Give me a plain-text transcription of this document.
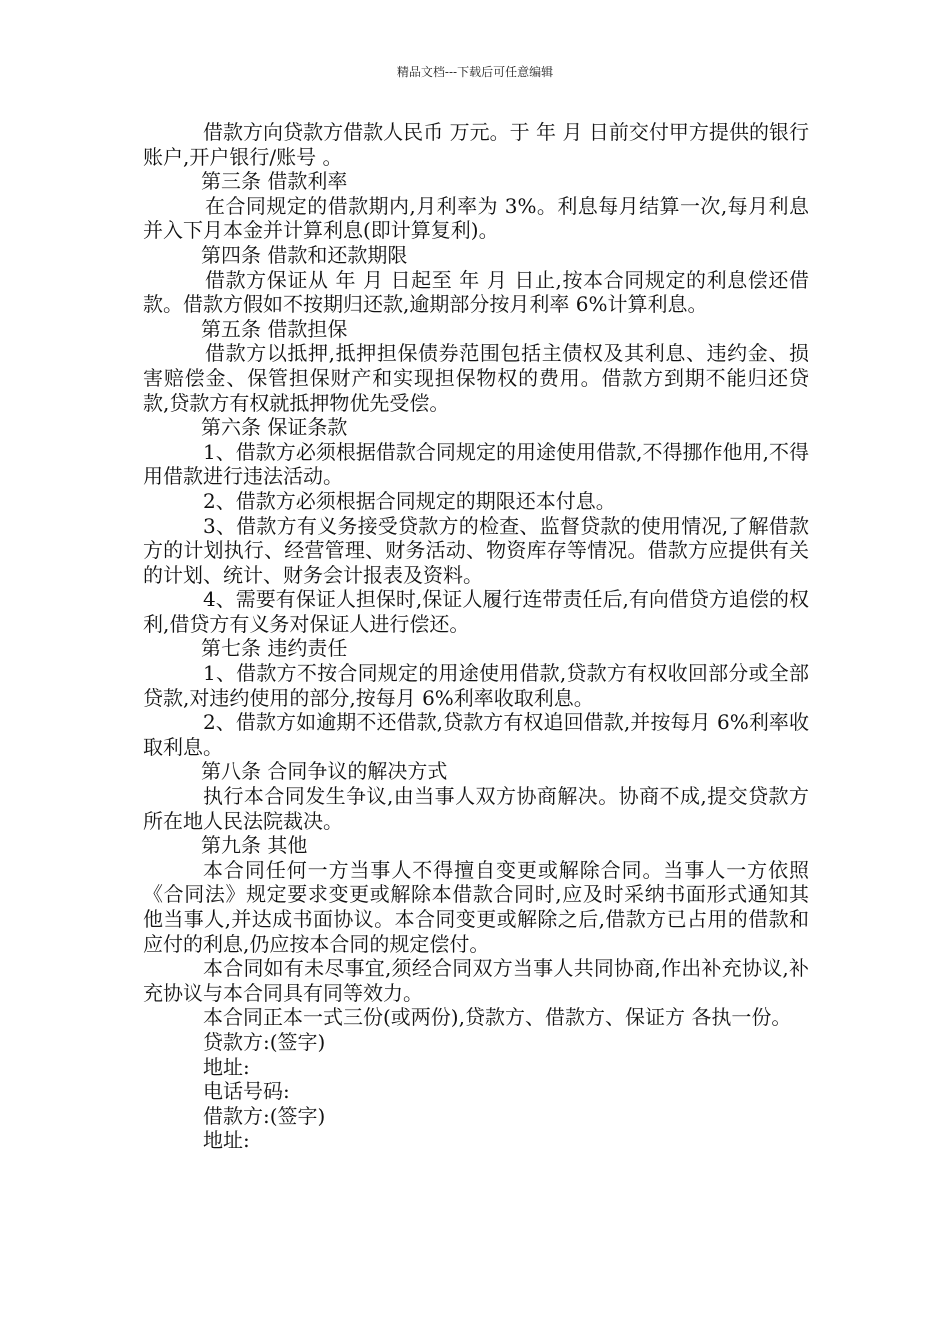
精品文档---下载后可任意编辑

借款方向贷款方借款人民币 万元。于 年 月 日前交付甲方提供的银行账户,开户银行/账号 。

第三条 借款利率

在合同规定的借款期内,月利率为 3%。利息每月结算一次,每月利息并入下月本金并计算利息(即计算复利)。

第四条 借款和还款期限

借款方保证从 年 月 日起至 年 月 日止,按本合同规定的利息偿还借款。借款方假如不按期归还款,逾期部分按月利率 6%计算利息。

第五条 借款担保

借款方以抵押,抵押担保债券范围包括主债权及其利息、违约金、损害赔偿金、保管担保财产和实现担保物权的费用。借款方到期不能归还贷款,贷款方有权就抵押物优先受偿。

第六条 保证条款

1、借款方必须根据借款合同规定的用途使用借款,不得挪作他用,不得用借款进行违法活动。

2、借款方必须根据合同规定的期限还本付息。

3、借款方有义务接受贷款方的检查、监督贷款的使用情况,了解借款方的计划执行、经营管理、财务活动、物资库存等情况。借款方应提供有关的计划、统计、财务会计报表及资料。

4、需要有保证人担保时,保证人履行连带责任后,有向借贷方追偿的权利,借贷方有义务对保证人进行偿还。

第七条 违约责任

1、借款方不按合同规定的用途使用借款,贷款方有权收回部分或全部贷款,对违约使用的部分,按每月 6%利率收取利息。

2、借款方如逾期不还借款,贷款方有权追回借款,并按每月 6%利率收取利息。

第八条 合同争议的解决方式

执行本合同发生争议,由当事人双方协商解决。协商不成,提交贷款方所在地人民法院裁决。

第九条 其他

本合同任何一方当事人不得擅自变更或解除合同。当事人一方依照《合同法》规定要求变更或解除本借款合同时,应及时采纳书面形式通知其他当事人,并达成书面协议。本合同变更或解除之后,借款方已占用的借款和应付的利息,仍应按本合同的规定偿付。

本合同如有未尽事宜,须经合同双方当事人共同协商,作出补充协议,补充协议与本合同具有同等效力。

本合同正本一式三份(或两份),贷款方、借款方、保证方 各执一份。

贷款方:(签字)

地址:

电话号码:

借款方:(签字)

地址:
